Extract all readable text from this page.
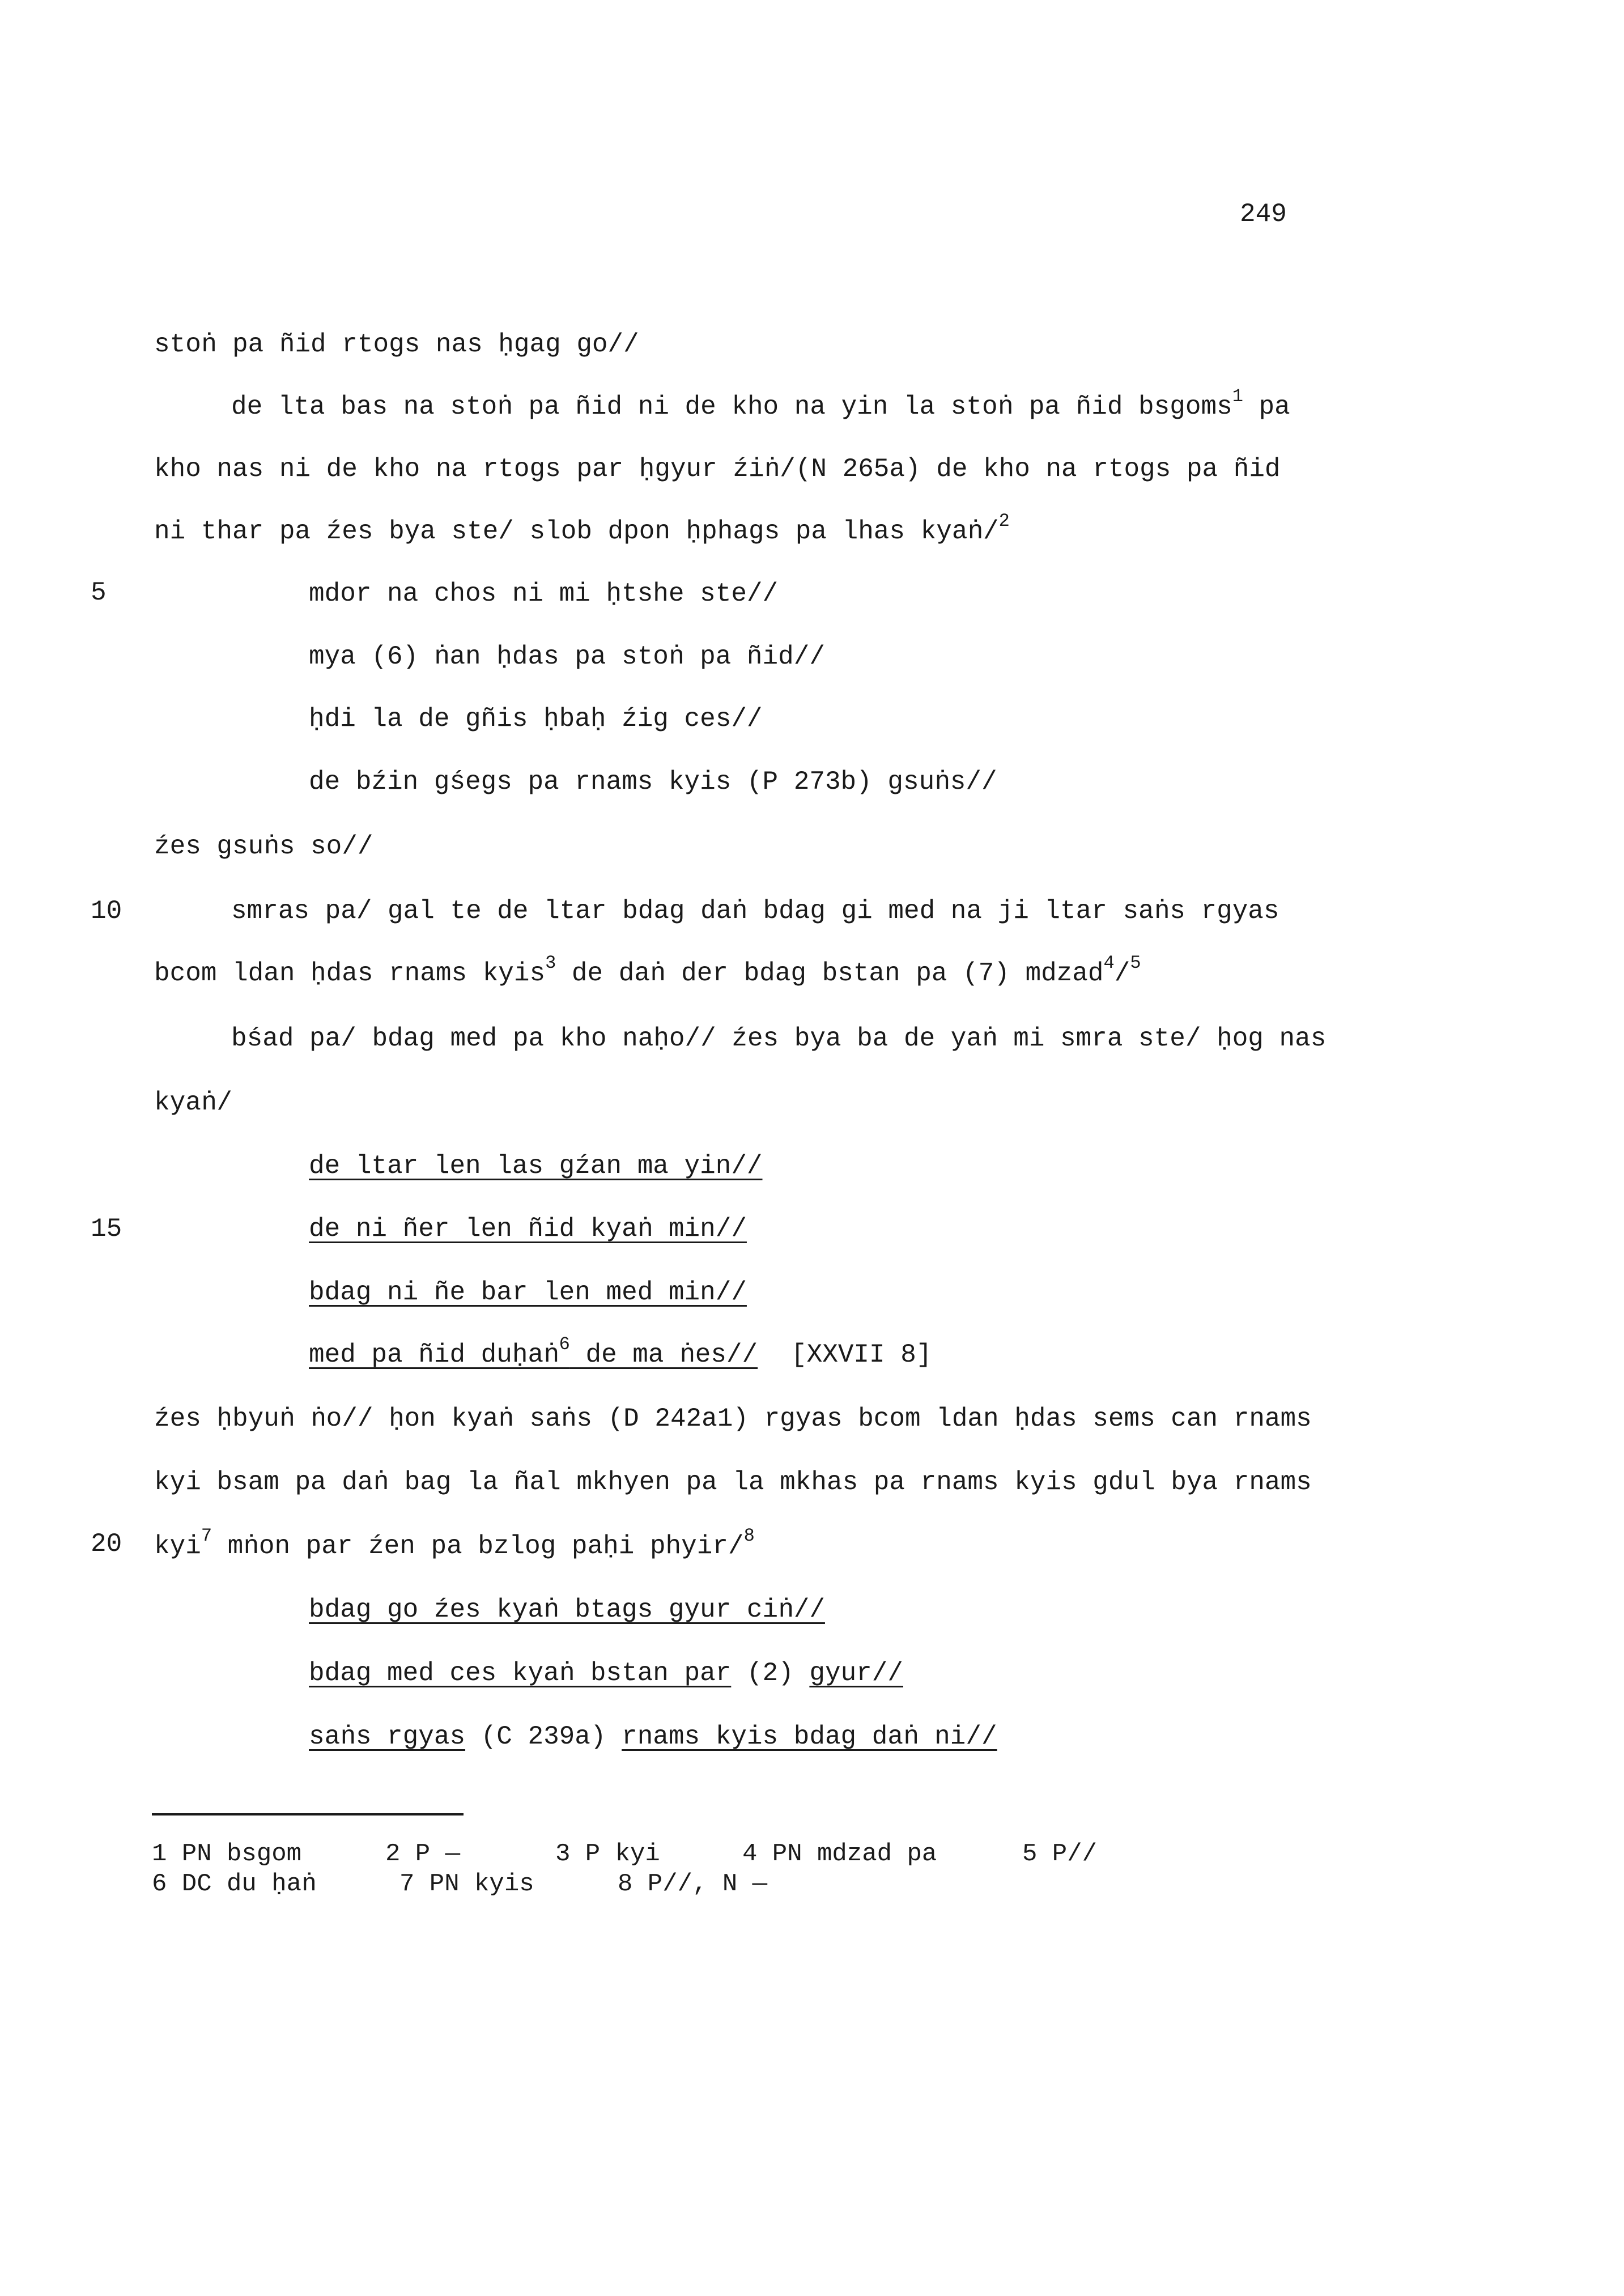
249
5
10
15
20
stoṅ pa ñid rtogs nas ḥgag go//
de lta bas na stoṅ pa ñid ni de kho na yin la stoṅ pa ñid bsgoms$^1$ pa
kho nas ni de kho na rtogs par ḥgyur źiṅ/(N 265a) de kho na rtogs pa ñid
ni thar pa źes bya ste/ slob dpon ḥphags pa lhas kyaṅ/$^2$
mdor na chos ni mi ḥtshe ste//
mya (6) ṅan ḥdas pa stoṅ pa ñid//
ḥdi la de gñis ḥbaḥ źig ces//
de bźin gśegs pa rnams kyis (P 273b) gsuṅs//
źes gsuṅs so//
smras pa/ gal te de ltar bdag daṅ bdag gi med na ji ltar saṅs rgyas
bcom ldan ḥdas rnams kyis$^3$ de daṅ der bdag bstan pa (7) mdzad$^4$/$^5$
bśad pa/ bdag med pa kho naḥo// źes bya ba de yaṅ mi smra ste/ ḥog nas
kyaṅ/
de ltar len las gźan ma yin//
de ni ñer len ñid kyaṅ min//
bdag ni ñe bar len med min//
med pa ñid duḥaṅ$^6$ de ma ṅes// [XXVII 8]
źes ḥbyuṅ ṅo// ḥon kyaṅ saṅs (D 242a1) rgyas bcom ldan ḥdas sems can rnams
kyi bsam pa daṅ bag la ñal mkhyen pa la mkhas pa rnams kyis gdul bya rnams
kyi$^7$ mṅon par źen pa bzlog paḥi phyir/$^8$
bdag go źes kyaṅ btags gyur ciṅ//
bdag med ces kyaṅ bstan par (2) gyur//
saṅs rgyas (C 239a) rnams kyis bdag daṅ ni//
1 PN bsgom	2 P —	3 P kyi	4 PN mdzad pa	5 P//
6 DC du ḥaṅ	7 PN kyis	8 P//, N —
